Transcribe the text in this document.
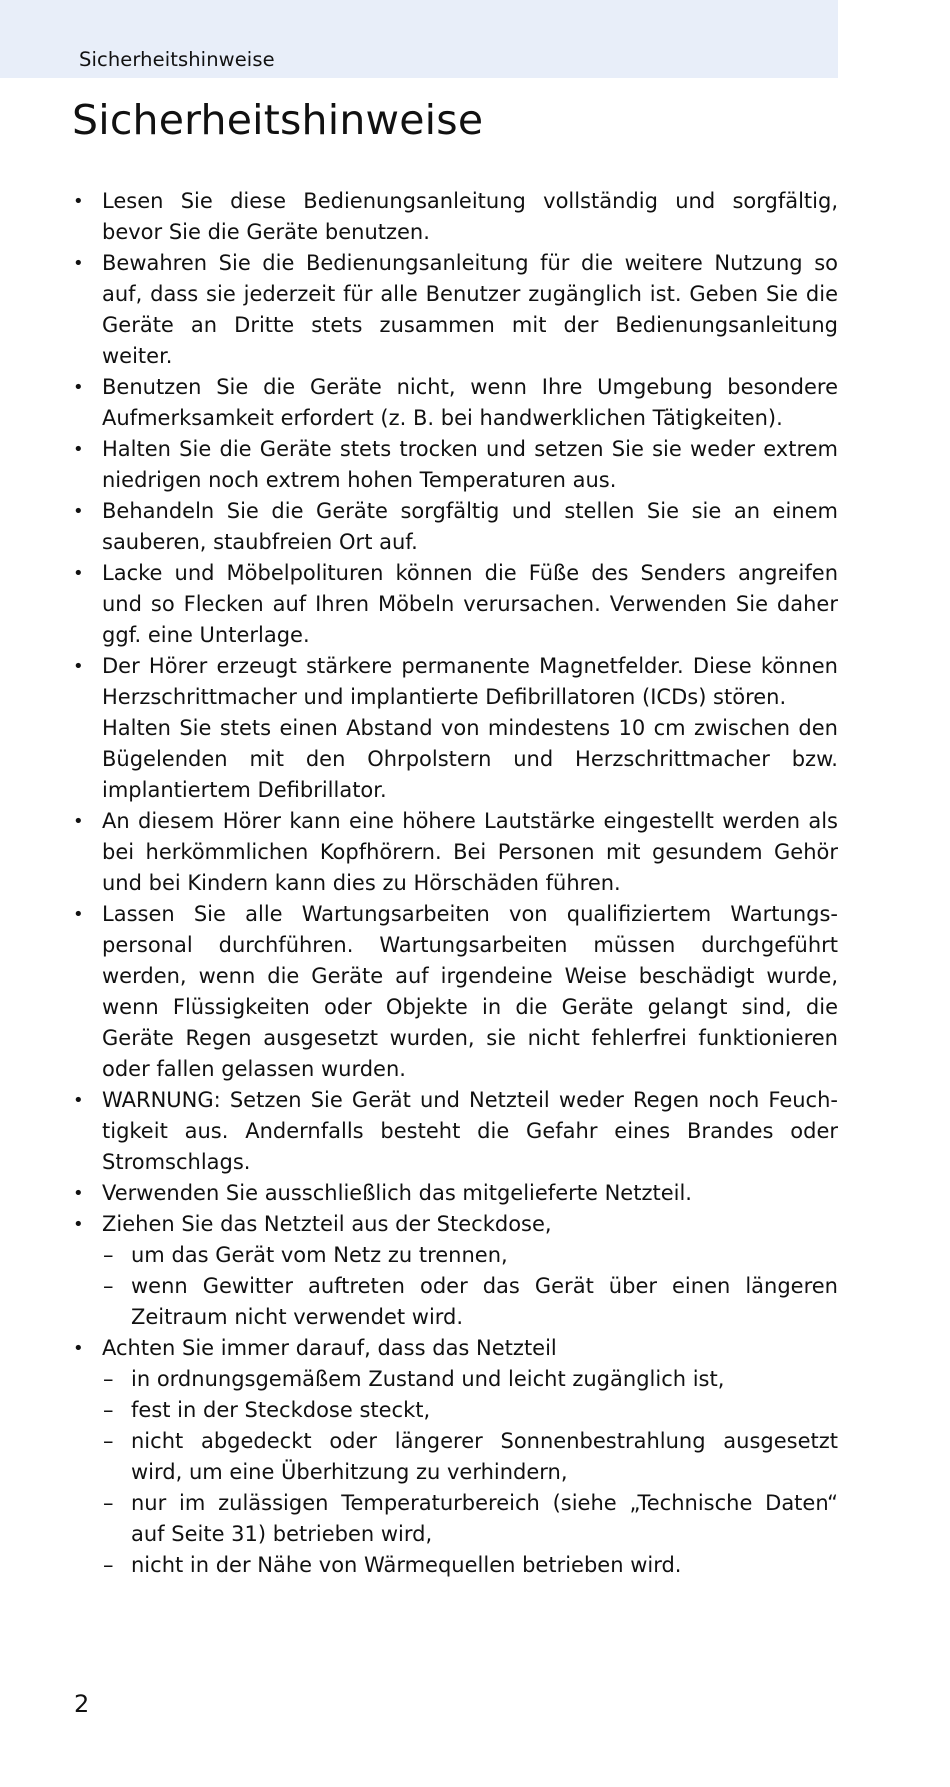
Sicherheitshinweise
Sicherheitshinweise
• Lesen Sie diese Bedienungsanleitung vollständig und sorgfältig, bevor Sie die Geräte benutzen.
• Bewahren Sie die Bedienungsanleitung für die weitere Nutzung so auf, dass sie jederzeit für alle Benutzer zugänglich ist. Geben Sie die Geräte an Dritte stets zusammen mit der Bedienungsanleitung weiter.
• Benutzen Sie die Geräte nicht, wenn Ihre Umgebung besondere Aufmerksamkeit erfordert (z. B. bei handwerklichen Tätigkeiten).
• Halten Sie die Geräte stets trocken und setzen Sie sie weder extrem niedrigen noch extrem hohen Temperaturen aus.
• Behandeln Sie die Geräte sorgfältig und stellen Sie sie an einem sauberen, staubfreien Ort auf.
• Lacke und Möbelpolituren können die Füße des Senders angreifen und so Flecken auf Ihren Möbeln verursachen. Verwenden Sie daher ggf. eine Unterlage.
• Der Hörer erzeugt stärkere permanente Magnetfelder. Diese können Herzschrittmacher und implantierte Defibrillatoren (ICDs) stören.
Halten Sie stets einen Abstand von mindestens 10 cm zwischen den Bügelenden mit den Ohrpolstern und Herzschrittmacher bzw. implantiertem Defibrillator.
• An diesem Hörer kann eine höhere Lautstärke eingestellt werden als bei herkömmlichen Kopfhörern. Bei Personen mit gesundem Gehör und bei Kindern kann dies zu Hörschäden führen.
• Lassen Sie alle Wartungsarbeiten von qualifiziertem Wartungspersonal durchführen. Wartungsarbeiten müssen durchgeführt werden, wenn die Geräte auf irgendeine Weise beschädigt wurde, wenn Flüssigkeiten oder Objekte in die Geräte gelangt sind, die Geräte Regen ausgesetzt wurden, sie nicht fehlerfrei funktionieren oder fallen gelassen wurden.
• WARNUNG: Setzen Sie Gerät und Netzteil weder Regen noch Feuchtigkeit aus. Andernfalls besteht die Gefahr eines Brandes oder Stromschlags.
• Verwenden Sie ausschließlich das mitgelieferte Netzteil.
• Ziehen Sie das Netzteil aus der Steckdose,
– um das Gerät vom Netz zu trennen,
– wenn Gewitter auftreten oder das Gerät über einen längeren Zeitraum nicht verwendet wird.
• Achten Sie immer darauf, dass das Netzteil
– in ordnungsgemäßem Zustand und leicht zugänglich ist,
– fest in der Steckdose steckt,
– nicht abgedeckt oder längerer Sonnenbestrahlung ausgesetzt wird, um eine Überhitzung zu verhindern,
– nur im zulässigen Temperaturbereich (siehe „Technische Daten“ auf Seite 31) betrieben wird,
– nicht in der Nähe von Wärmequellen betrieben wird.
2
